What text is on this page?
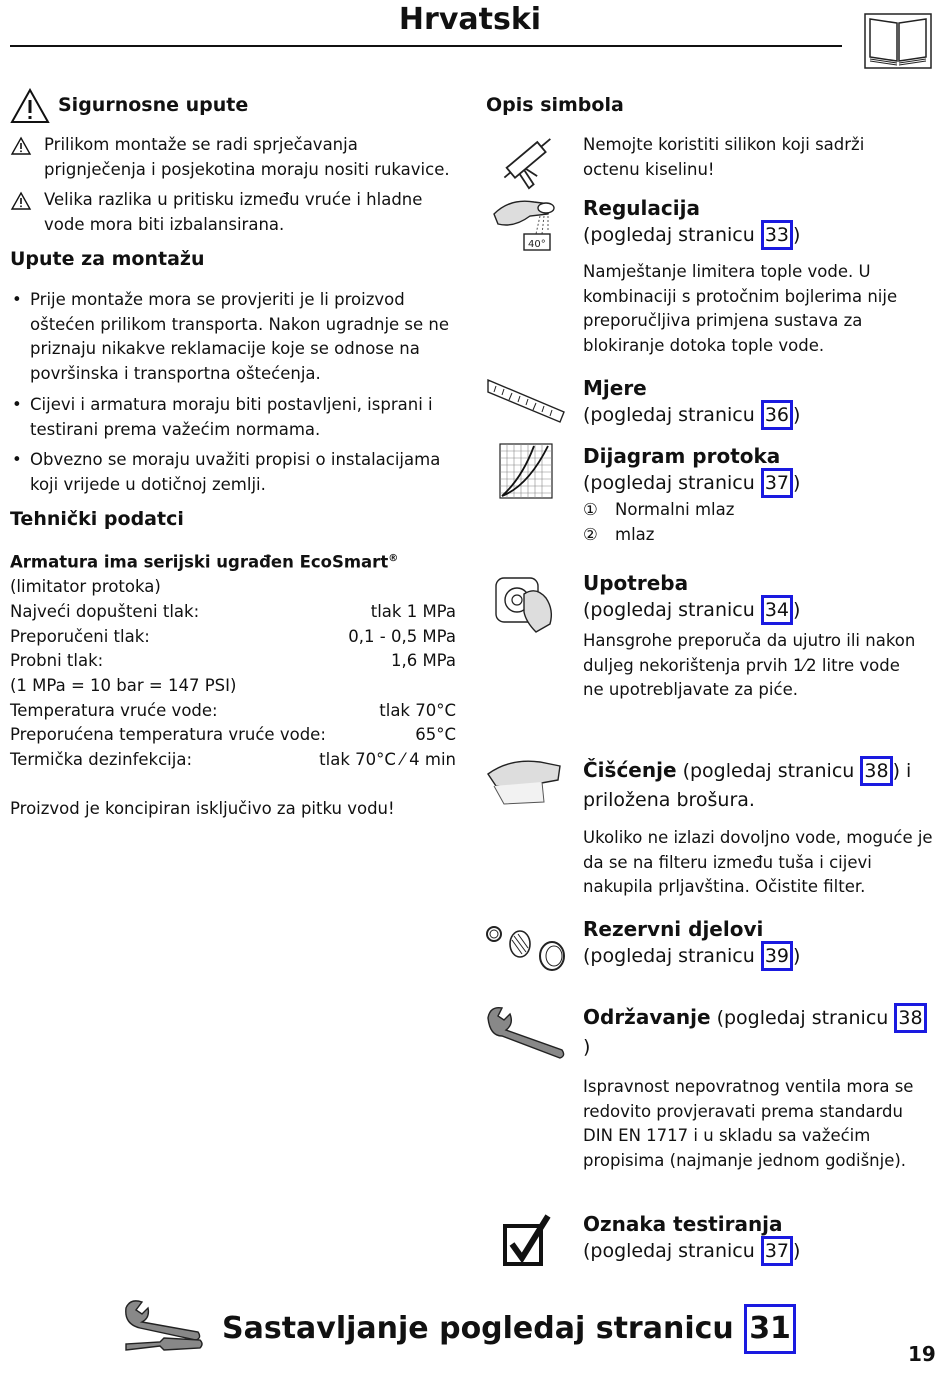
Hrvatski
Sigurnosne upute
Prilikom montaže se radi sprječavanja prignječenja i posjekotina moraju nositi rukavice.
Velika razlika u pritisku između vruće i hladne vode mora biti izbalansirana.
Upute za montažu
• Prije montaže mora se provjeriti je li proizvod oštećen prilikom transporta. Nakon ugradnje se ne priznaju nikakve reklamacije koje se odnose na površinska i transportna oštećenja.
• Cijevi i armatura moraju biti postavljeni, isprani i testirani prema važećim normama.
• Obvezno se moraju uvažiti propisi o instalacijama koji vrijede u dotičnoj zemlji.
Tehnički podatci
Armatura ima serijski ugrađen EcoSmart®
(limitator protoka)
Najveći dopušteni tlak:	tlak 1 MPa
Preporučeni tlak:	0,1 - 0,5 MPa
Probni tlak:	1,6 MPa
(1 MPa = 10 bar = 147 PSI)
Temperatura vruće vode:	tlak 70°C
Preporućena temperatura vruće vode:	65°C
Termička dezinfekcija:	tlak 70°C ⁄ 4 min
Proizvod je koncipiran isključivo za pitku vodu!
Opis simbola
Nemojte koristiti silikon koji sadrži octenu kiselinu!
40°
Regulacija
(pogledaj stranicu 33 )
Namještanje limitera tople vode. U kombinaciji s protočnim bojlerima nije preporučljiva primjena sustava za blokiranje dotoka tople vode.
Mjere
(pogledaj stranicu 36 )
Dijagram protoka
(pogledaj stranicu 37 )
① Normalni mlaz
② mlaz
Upotreba
(pogledaj stranicu 34 )
Hansgrohe preporuča da ujutro ili nakon duljeg nekorištenja prvih 1⁄2 litre vode ne upotrebljavate za piće.
Čišćenje (pogledaj stranicu 38 ) i
priložena brošura.
Ukoliko ne izlazi dovoljno vode, moguće je da se na filteru između tuša i cijevi nakupila prljavština. Očistite filter.
Rezervni djelovi
(pogledaj stranicu 39 )
Održavanje (pogledaj stranicu 38)
Ispravnost nepovratnog ventila mora se redovito provjeravati prema standardu DIN EN 1717 i u skladu sa važećim propisima (najmanje jednom godišnje).
Oznaka testiranja
(pogledaj stranicu 37 )
Sastavljanje pogledaj stranicu 31
19
